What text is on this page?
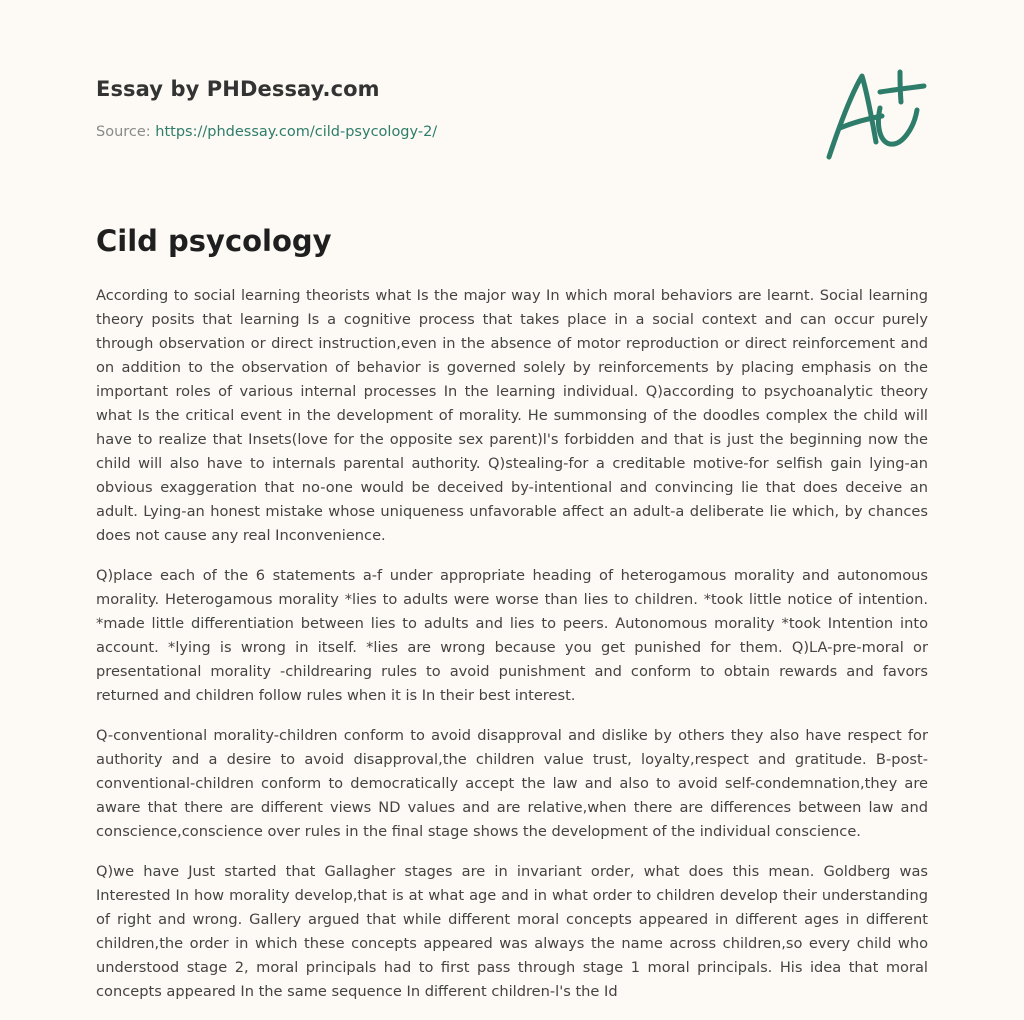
Essay by PHDessay.com
Source: https://phdessay.com/cild-psycology-2/
Cild psycology

According to social learning theorists what Is the major way In which moral behaviors are learnt. Social learning theory posits that learning Is a cognitive process that takes place in a social context and can occur purely through observation or direct instruction,even in the absence of motor reproduction or direct reinforcement and on addition to the observation of behavior is governed solely by reinforcements by placing emphasis on the important roles of various internal processes In the learning individual. Q)according to psychoanalytic theory what Is the critical event in the development of morality. He summonsing of the doodles complex the child will have to realize that Insets(love for the opposite sex parent)l's forbidden and that is just the beginning now the child will also have to internals parental authority. Q)stealing-for a creditable motive-for selfish gain lying-an obvious exaggeration that no-one would be deceived by-intentional and convincing lie that does deceive an adult. Lying-an honest mistake whose uniqueness unfavorable affect an adult-a deliberate lie which, by chances does not cause any real Inconvenience.

Q)place each of the 6 statements a-f under appropriate heading of heterogamous morality and autonomous morality. Heterogamous morality *lies to adults were worse than lies to children. *took little notice of intention. *made little differentiation between lies to adults and lies to peers. Autonomous morality *took Intention into account. *lying is wrong in itself. *lies are wrong because you get punished for them. Q)LA-pre-moral or presentational morality -childrearing rules to avoid punishment and conform to obtain rewards and favors returned and children follow rules when it is In their best interest.

Q-conventional morality-children conform to avoid disapproval and dislike by others they also have respect for authority and a desire to avoid disapproval,the children value trust, loyalty,respect and gratitude. B-post-conventional-children conform to democratically accept the law and also to avoid self-condemnation,they are aware that there are different views ND values and are relative,when there are differences between law and conscience,conscience over rules in the final stage shows the development of the individual conscience.

Q)we have Just started that Gallagher stages are in invariant order, what does this mean. Goldberg was Interested In how morality develop,that is at what age and in what order to children develop their understanding of right and wrong. Gallery argued that while different moral concepts appeared in different ages in different children,the order in which these concepts appeared was always the name across children,so every child who understood stage 2, moral principals had to first pass through stage 1 moral principals. His idea that moral concepts appeared In the same sequence In different children-l's the Id
